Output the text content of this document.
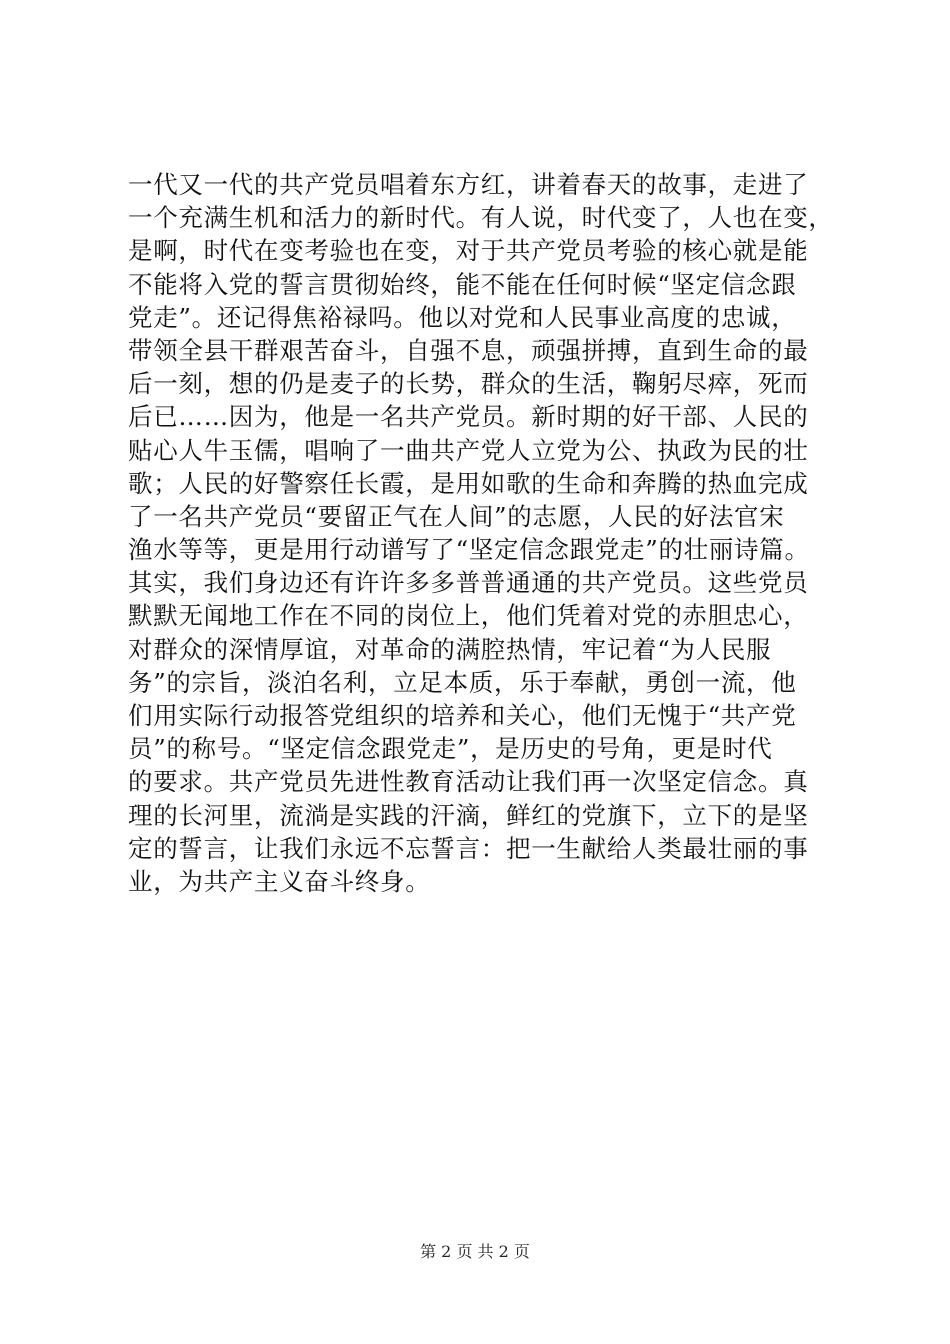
一代又一代的共产党员唱着东方红，讲着春天的故事，走进了
一个充满生机和活力的新时代。有人说，时代变了，人也在变，
是啊，时代在变考验也在变，对于共产党员考验的核心就是能
不能将入党的誓言贯彻始终，能不能在任何时候“坚定信念跟
党走”。还记得焦裕禄吗。他以对党和人民事业高度的忠诚，
带领全县干群艰苦奋斗，自强不息，顽强拼搏，直到生命的最
后一刻，想的仍是麦子的长势，群众的生活，鞠躬尽瘁，死而
后已……因为，他是一名共产党员。新时期的好干部、人民的
贴心人牛玉儒，唱响了一曲共产党人立党为公、执政为民的壮
歌；人民的好警察任长霞，是用如歌的生命和奔腾的热血完成
了一名共产党员“要留正气在人间”的志愿，人民的好法官宋
渔水等等，更是用行动谱写了“坚定信念跟党走”的壮丽诗篇。
其实，我们身边还有许许多多普普通通的共产党员。这些党员
默默无闻地工作在不同的岗位上，他们凭着对党的赤胆忠心，
对群众的深情厚谊，对革命的满腔热情，牢记着“为人民服
务”的宗旨，淡泊名利，立足本质，乐于奉献，勇创一流，他
们用实际行动报答党组织的培养和关心，他们无愧于“共产党
员”的称号。“坚定信念跟党走”，是历史的号角，更是时代
的要求。共产党员先进性教育活动让我们再一次坚定信念。真
理的长河里，流淌是实践的汗滴，鲜红的党旗下，立下的是坚
定的誓言，让我们永远不忘誓言：把一生献给人类最壮丽的事
业，为共产主义奋斗终身。
第 2 页 共 2 页
